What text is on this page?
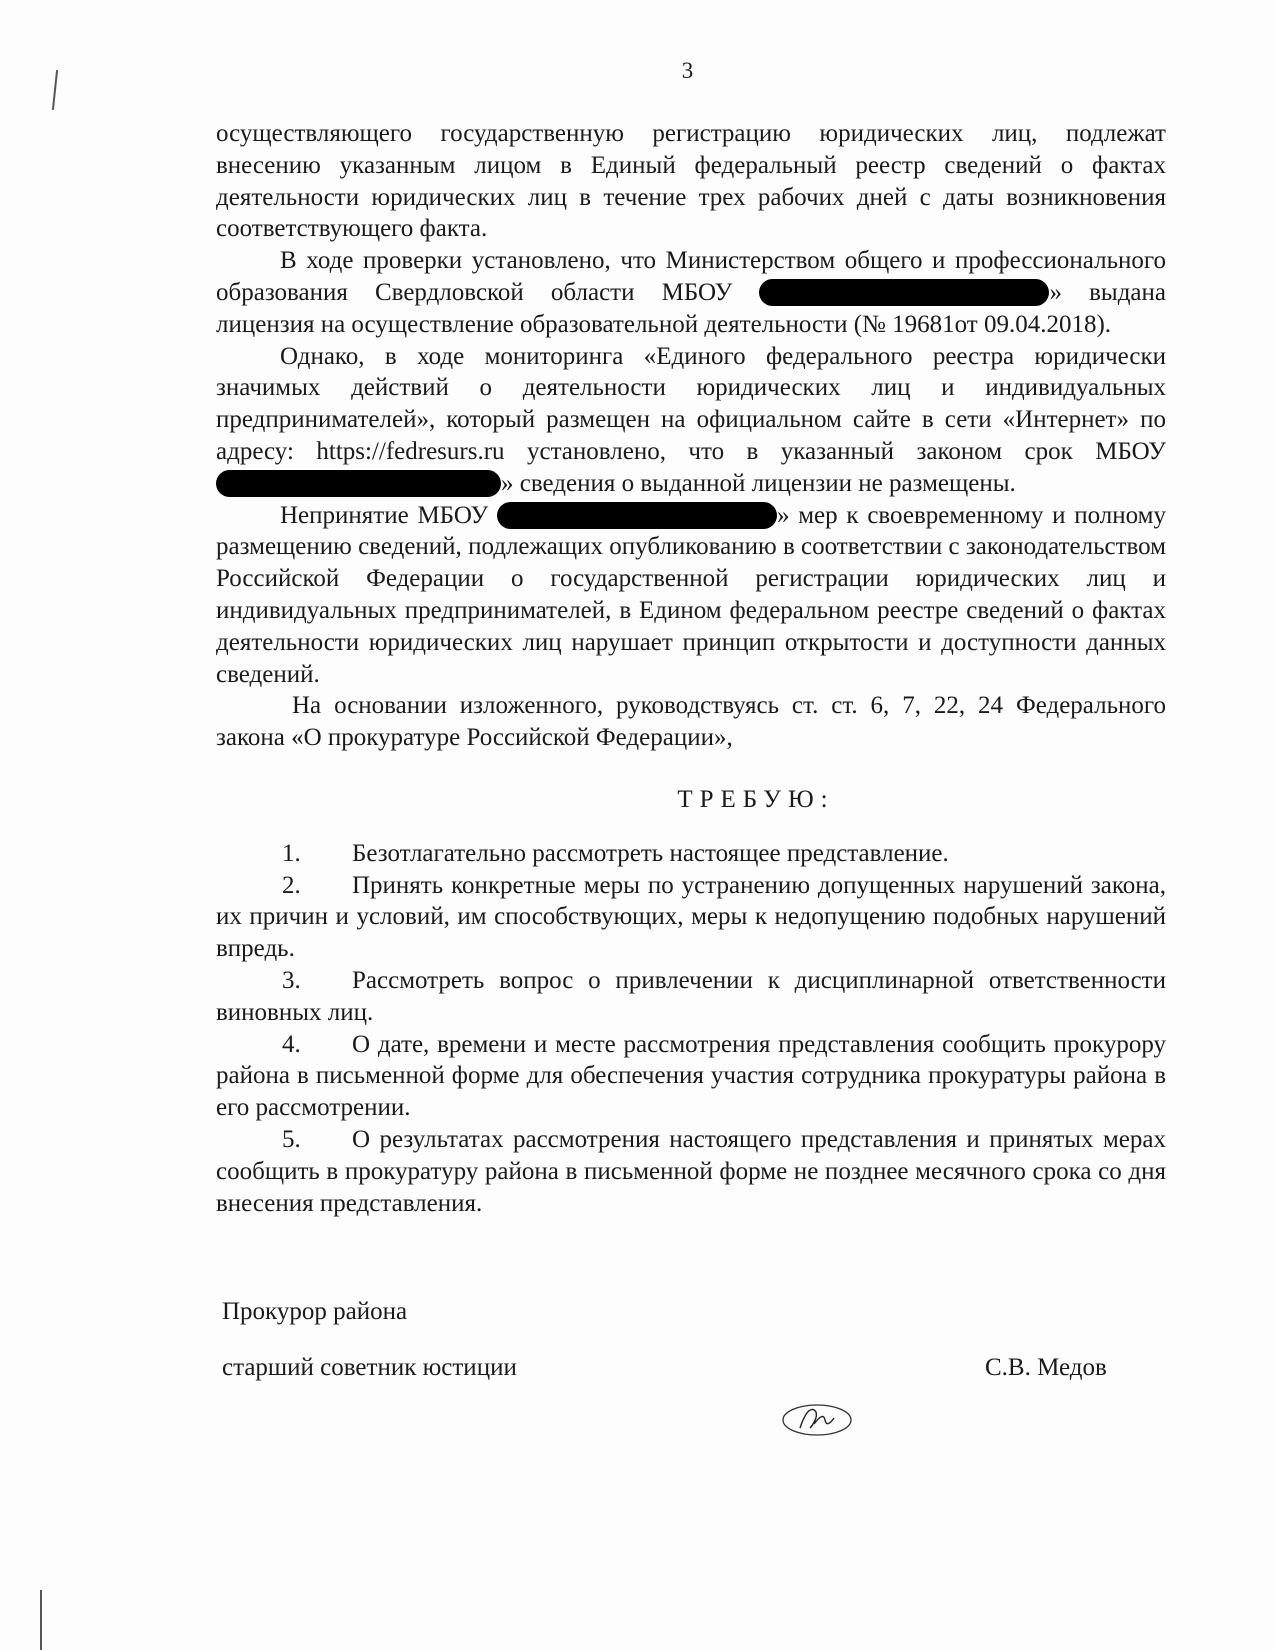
3

осуществляющего государственную регистрацию юридических лиц, подлежат внесению указанным лицом в Единый федеральный реестр сведений о фактах деятельности юридических лиц в течение трех рабочих дней с даты возникновения соответствующего факта.

В ходе проверки установлено, что Министерством общего и профессионального образования Свердловской области МБОУ	» выдана лицензия на осуществление образовательной деятельности (№ 19681от 09.04.2018).

Однако, в ходе мониторинга «Единого федерального реестра юридически значимых действий о деятельности юридических лиц и индивидуальных предпринимателей», который размещен на официальном сайте в сети «Интернет» по адресу: https://fedresurs.ru установлено, что в указанный законом срок МБОУ » сведения о выданной лицензии не размещены.

Непринятие МБОУ	» мер к своевременному и полному размещению сведений, подлежащих опубликованию в соответствии с законодательством Российской Федерации о государственной регистрации юридических лиц и индивидуальных предпринимателей, в Едином федеральном реестре сведений о фактах деятельности юридических лиц нарушает принцип открытости и доступности данных сведений.

На основании изложенного, руководствуясь ст. ст. 6, 7, 22, 24 Федерального закона «О прокуратуре Российской Федерации»,

ТРЕБУЮ:

1. Безотлагательно рассмотреть настоящее представление.

2. Принять конкретные меры по устранению допущенных нарушений закона, их причин и условий, им способствующих, меры к недопущению подобных нарушений впредь.

3. Рассмотреть вопрос о привлечении к дисциплинарной ответственности виновных лиц.

4. О дате, времени и месте рассмотрения представления сообщить прокурору района в письменной форме для обеспечения участия сотрудника прокуратуры района в его рассмотрении.

5. О результатах рассмотрения настоящего представления и принятых мерах сообщить в прокуратуру района в письменной форме не позднее месячного срока со дня внесения представления.

Прокурор района
старший советник юстиции	С.В. Медов
